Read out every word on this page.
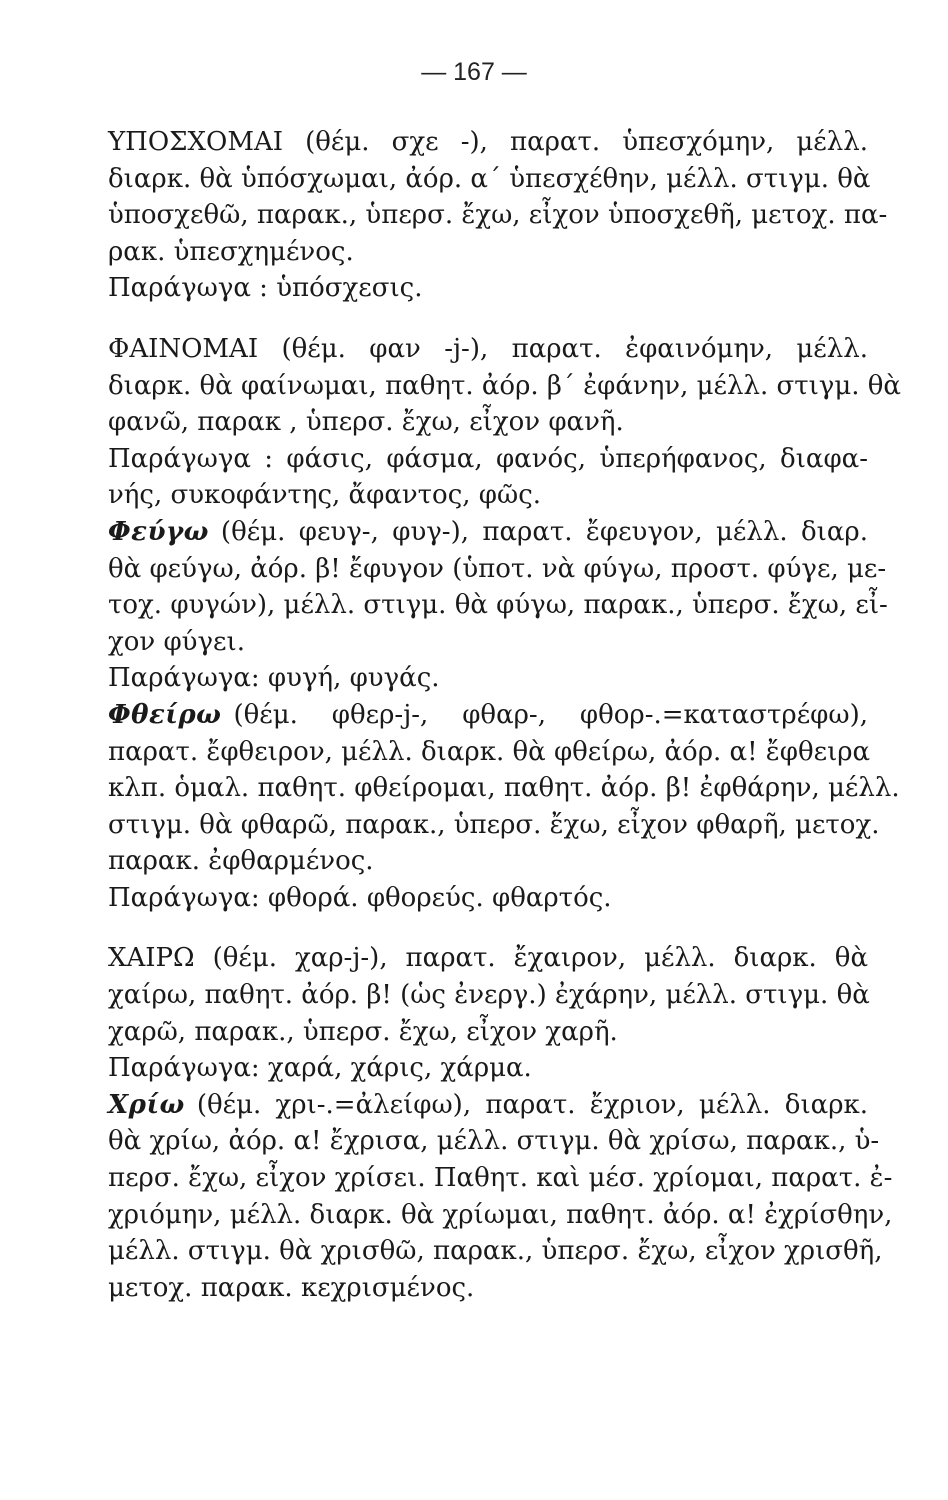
— 167 —
ΥΠΟΣΧΟΜΑΙ (θέμ. σχε -), παρατ. ὑπεσχόμην, μέλλ.
διαρκ. θὰ ὑπόσχωμαι, ἀόρ. α΄ ὑπεσχέθην, μέλλ. στιγμ. θὰ
ὑποσχεθῶ, παρακ., ὑπερσ. ἔχω, εἶχον ὑποσχεθῆ, μετοχ. πα-
ρακ. ὑπεσχημένος.
Παράγωγα : ὑπόσχεσις.
ΦΑΙΝΟΜΑΙ (θέμ. φαν -j-), παρατ. ἐφαινόμην, μέλλ.
διαρκ. θὰ φαίνωμαι, παθητ. ἀόρ. β΄ ἐφάνην, μέλλ. στιγμ. θὰ
φανῶ, παρακ , ὑπερσ. ἔχω, εἶχον φανῆ.
Παράγωγα : φάσις, φάσμα, φανός, ὑπερήφανος, διαφα-
νής, συκοφάντης, ἄφαντος, φῶς.
Φεύγω (θέμ. φευγ-, φυγ-), παρατ. ἔφευγον, μέλλ. διαρ.
θὰ φεύγω, ἀόρ. β! ἔφυγον (ὑποτ. νὰ φύγω, προστ. φύγε, με-
τοχ. φυγών), μέλλ. στιγμ. θὰ φύγω, παρακ., ὑπερσ. ἔχω, εἶ-
χον φύγει.
Παράγωγα: φυγή, φυγάς.
Φθείρω (θέμ. φθερ-j-, φθαρ-, φθορ-.=καταστρέφω),
παρατ. ἔφθειρον, μέλλ. διαρκ. θὰ φθείρω, ἀόρ. α! ἔφθειρα
κλπ. ὁμαλ. παθητ. φθείρομαι, παθητ. ἀόρ. β! ἐφθάρην, μέλλ.
στιγμ. θὰ φθαρῶ, παρακ., ὑπερσ. ἔχω, εἶχον φθαρῆ, μετοχ.
παρακ. ἐφθαρμένος.
Παράγωγα: φθορά. φθορεύς. φθαρτός.
ΧΑΙΡΩ (θέμ. χαρ-j-), παρατ. ἔχαιρον, μέλλ. διαρκ. θὰ
χαίρω, παθητ. ἀόρ. β! (ὡς ἐνεργ.) ἐχάρην, μέλλ. στιγμ. θὰ
χαρῶ, παρακ., ὑπερσ. ἔχω, εἶχον χαρῆ.
Παράγωγα: χαρά, χάρις, χάρμα.
Χρίω (θέμ. χρι-.=ἀλείφω), παρατ. ἔχριον, μέλλ. διαρκ.
θὰ χρίω, ἀόρ. α! ἔχρισα, μέλλ. στιγμ. θὰ χρίσω, παρακ., ὑ-
περσ. ἔχω, εἶχον χρίσει. Παθητ. καὶ μέσ. χρίομαι, παρατ. ἐ-
χριόμην, μέλλ. διαρκ. θὰ χρίωμαι, παθητ. ἀόρ. α! ἐχρίσθην,
μέλλ. στιγμ. θὰ χρισθῶ, παρακ., ὑπερσ. ἔχω, εἶχον χρισθῆ,
μετοχ. παρακ. κεχρισμένος.
